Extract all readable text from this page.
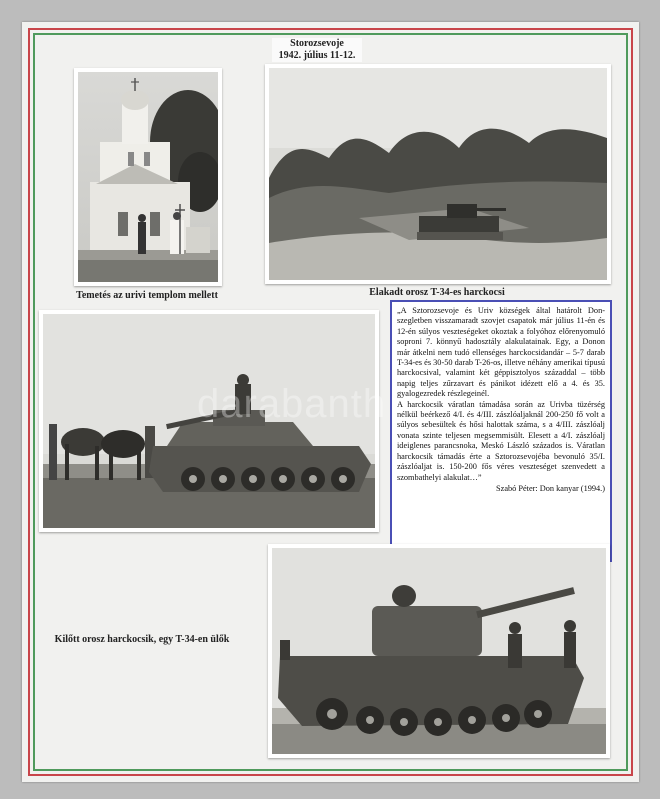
Storozsevoje
1942. július 11-12.
Temetés az urivi templom mellett	Elakadt orosz T-34-es harckocsi

„A Sztorozsevoje és Uriv községek által határolt Don-szegletben visszamaradt szovjet csapatok már július 11-én és 12-én súlyos veszteségeket okoztak a folyóhoz előrenyomuló soproni 7. könnyű hadosztály alakulatainak. Egy, a Donon már átkelni nem tudó ellenséges harckocsidandár – 5-7 darab T-34-es és 30-50 darab T-26-os, illetve néhány amerikai típusú harckocsival, valamint két géppisztolyos századdal – több napig teljes zűrzavart és pánikot idézett elő a 4. és 35. gyalogezredek részlegeinél.

A harckocsik váratlan támadása során az Urivba tüzérség nélkül beérkező 4/I. és 4/III. zászlóaljaknál 200-250 fő volt a súlyos sebesültek és hősi halottak száma, s a 4/III. zászlóalj vonata szinte teljesen megsemmisült. Elesett a 4/I. zászlóalj ideiglenes parancsnoka, Meskó László százados is. Váratlan harckocsik támadás érte a Sztorozsevojéba bevonuló 35/I. zászlóaljat is. 150-200 fős véres veszteséget szenvedett a szombathelyi alakulat…”

Szabó Péter: Don kanyar (1994.)
Kilőtt orosz harckocsik, egy T-34-en ülők
darabanth
